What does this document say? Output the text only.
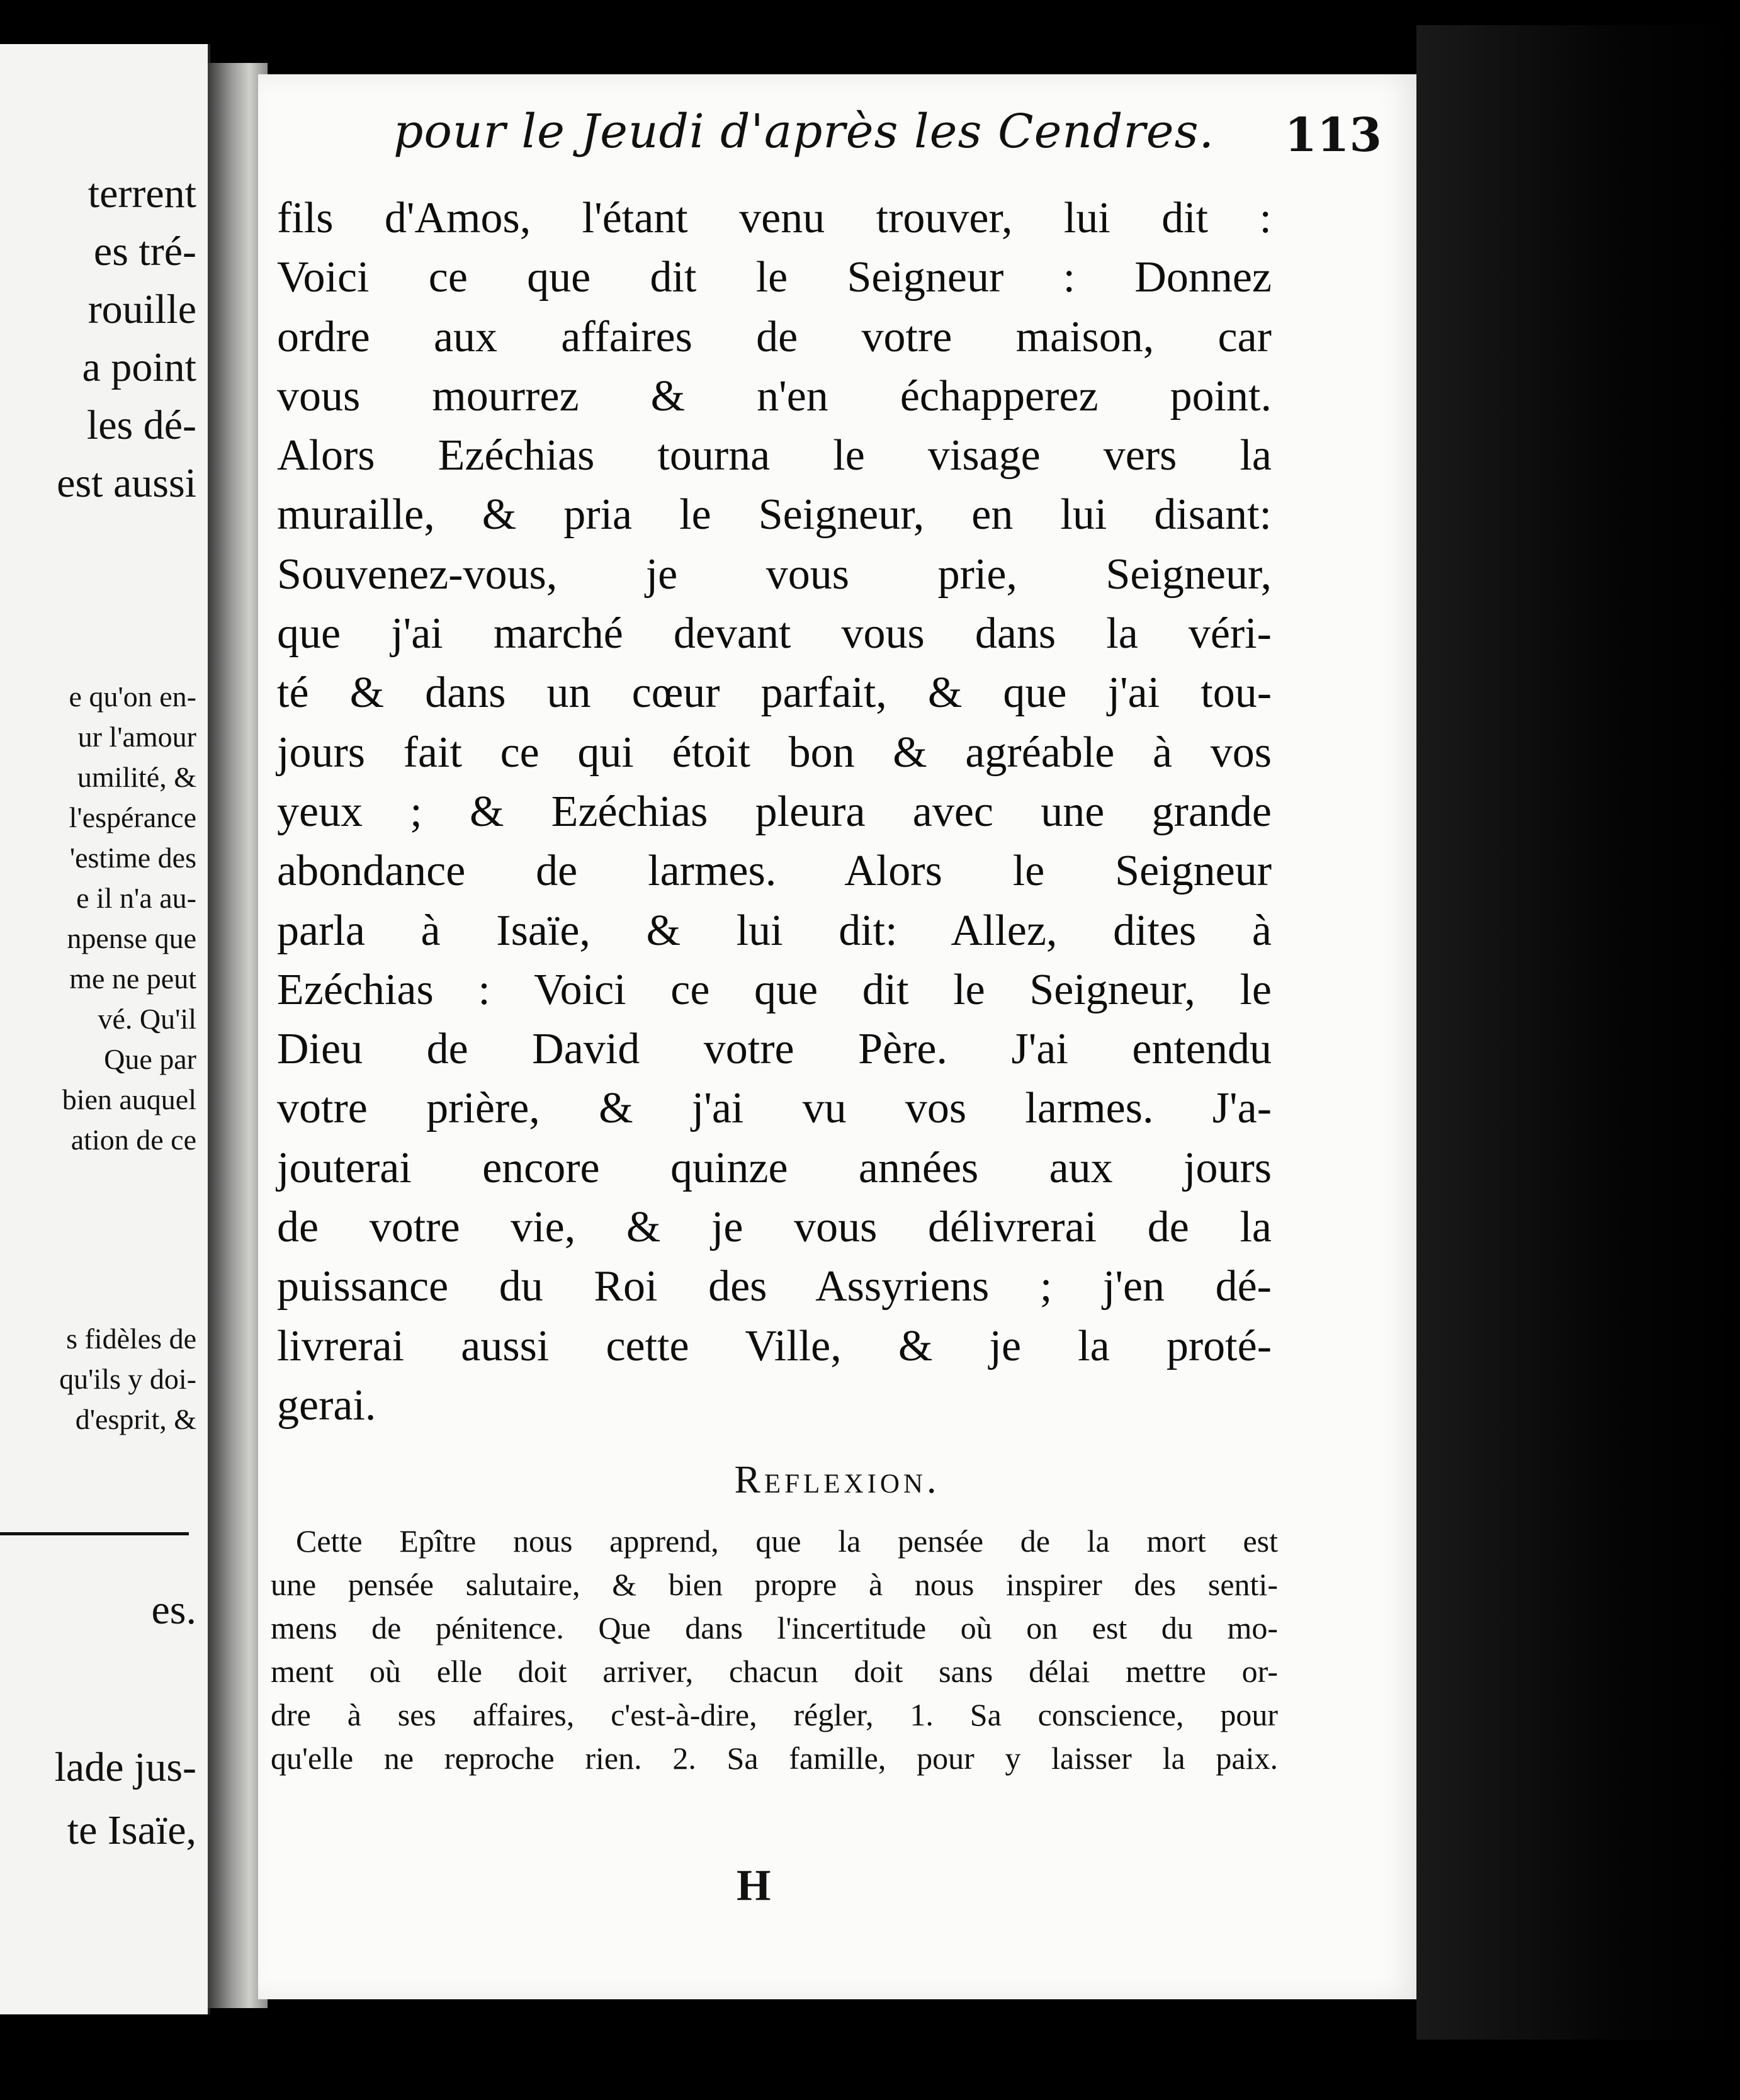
terrent
es tré-
rouille
a point
les dé-
est aussi
e qu'on en-
ur l'amour
umilité, &
l'espérance
'estime des
e il n'a au-
npense que
me ne peut
vé. Qu'il
Que par
bien auquel
ation de ce
s fidèles de
qu'ils y doi-
d'esprit, &
es.
lade jus-
te Isaïe,
pour le Jeudi d'après les Cendres. 113
fils d'Amos, l'étant venu trouver, lui dit :
Voici ce que dit le Seigneur : Donnez
ordre aux affaires de votre maison, car
vous mourrez & n'en échapperez point.
Alors Ezéchias tourna le visage vers la
muraille, & pria le Seigneur, en lui disant:
Souvenez-vous, je vous prie, Seigneur,
que j'ai marché devant vous dans la véri-
té & dans un cœur parfait, & que j'ai tou-
jours fait ce qui étoit bon & agréable à vos
yeux ; & Ezéchias pleura avec une grande
abondance de larmes. Alors le Seigneur
parla à Isaïe, & lui dit: Allez, dites à
Ezéchias : Voici ce que dit le Seigneur, le
Dieu de David votre Père. J'ai entendu
votre prière, & j'ai vu vos larmes. J'a-
jouterai encore quinze années aux jours
de votre vie, & je vous délivrerai de la
puissance du Roi des Assyriens ; j'en dé-
livrerai aussi cette Ville, & je la proté-
gerai.
Reflexion.
Cette Epître nous apprend, que la pensée de la mort est
une pensée salutaire, & bien propre à nous inspirer des senti-
mens de pénitence. Que dans l'incertitude où on est du mo-
ment où elle doit arriver, chacun doit sans délai mettre or-
dre à ses affaires, c'est-à-dire, régler, 1. Sa conscience, pour
qu'elle ne reproche rien. 2. Sa famille, pour y laisser la paix.
H
